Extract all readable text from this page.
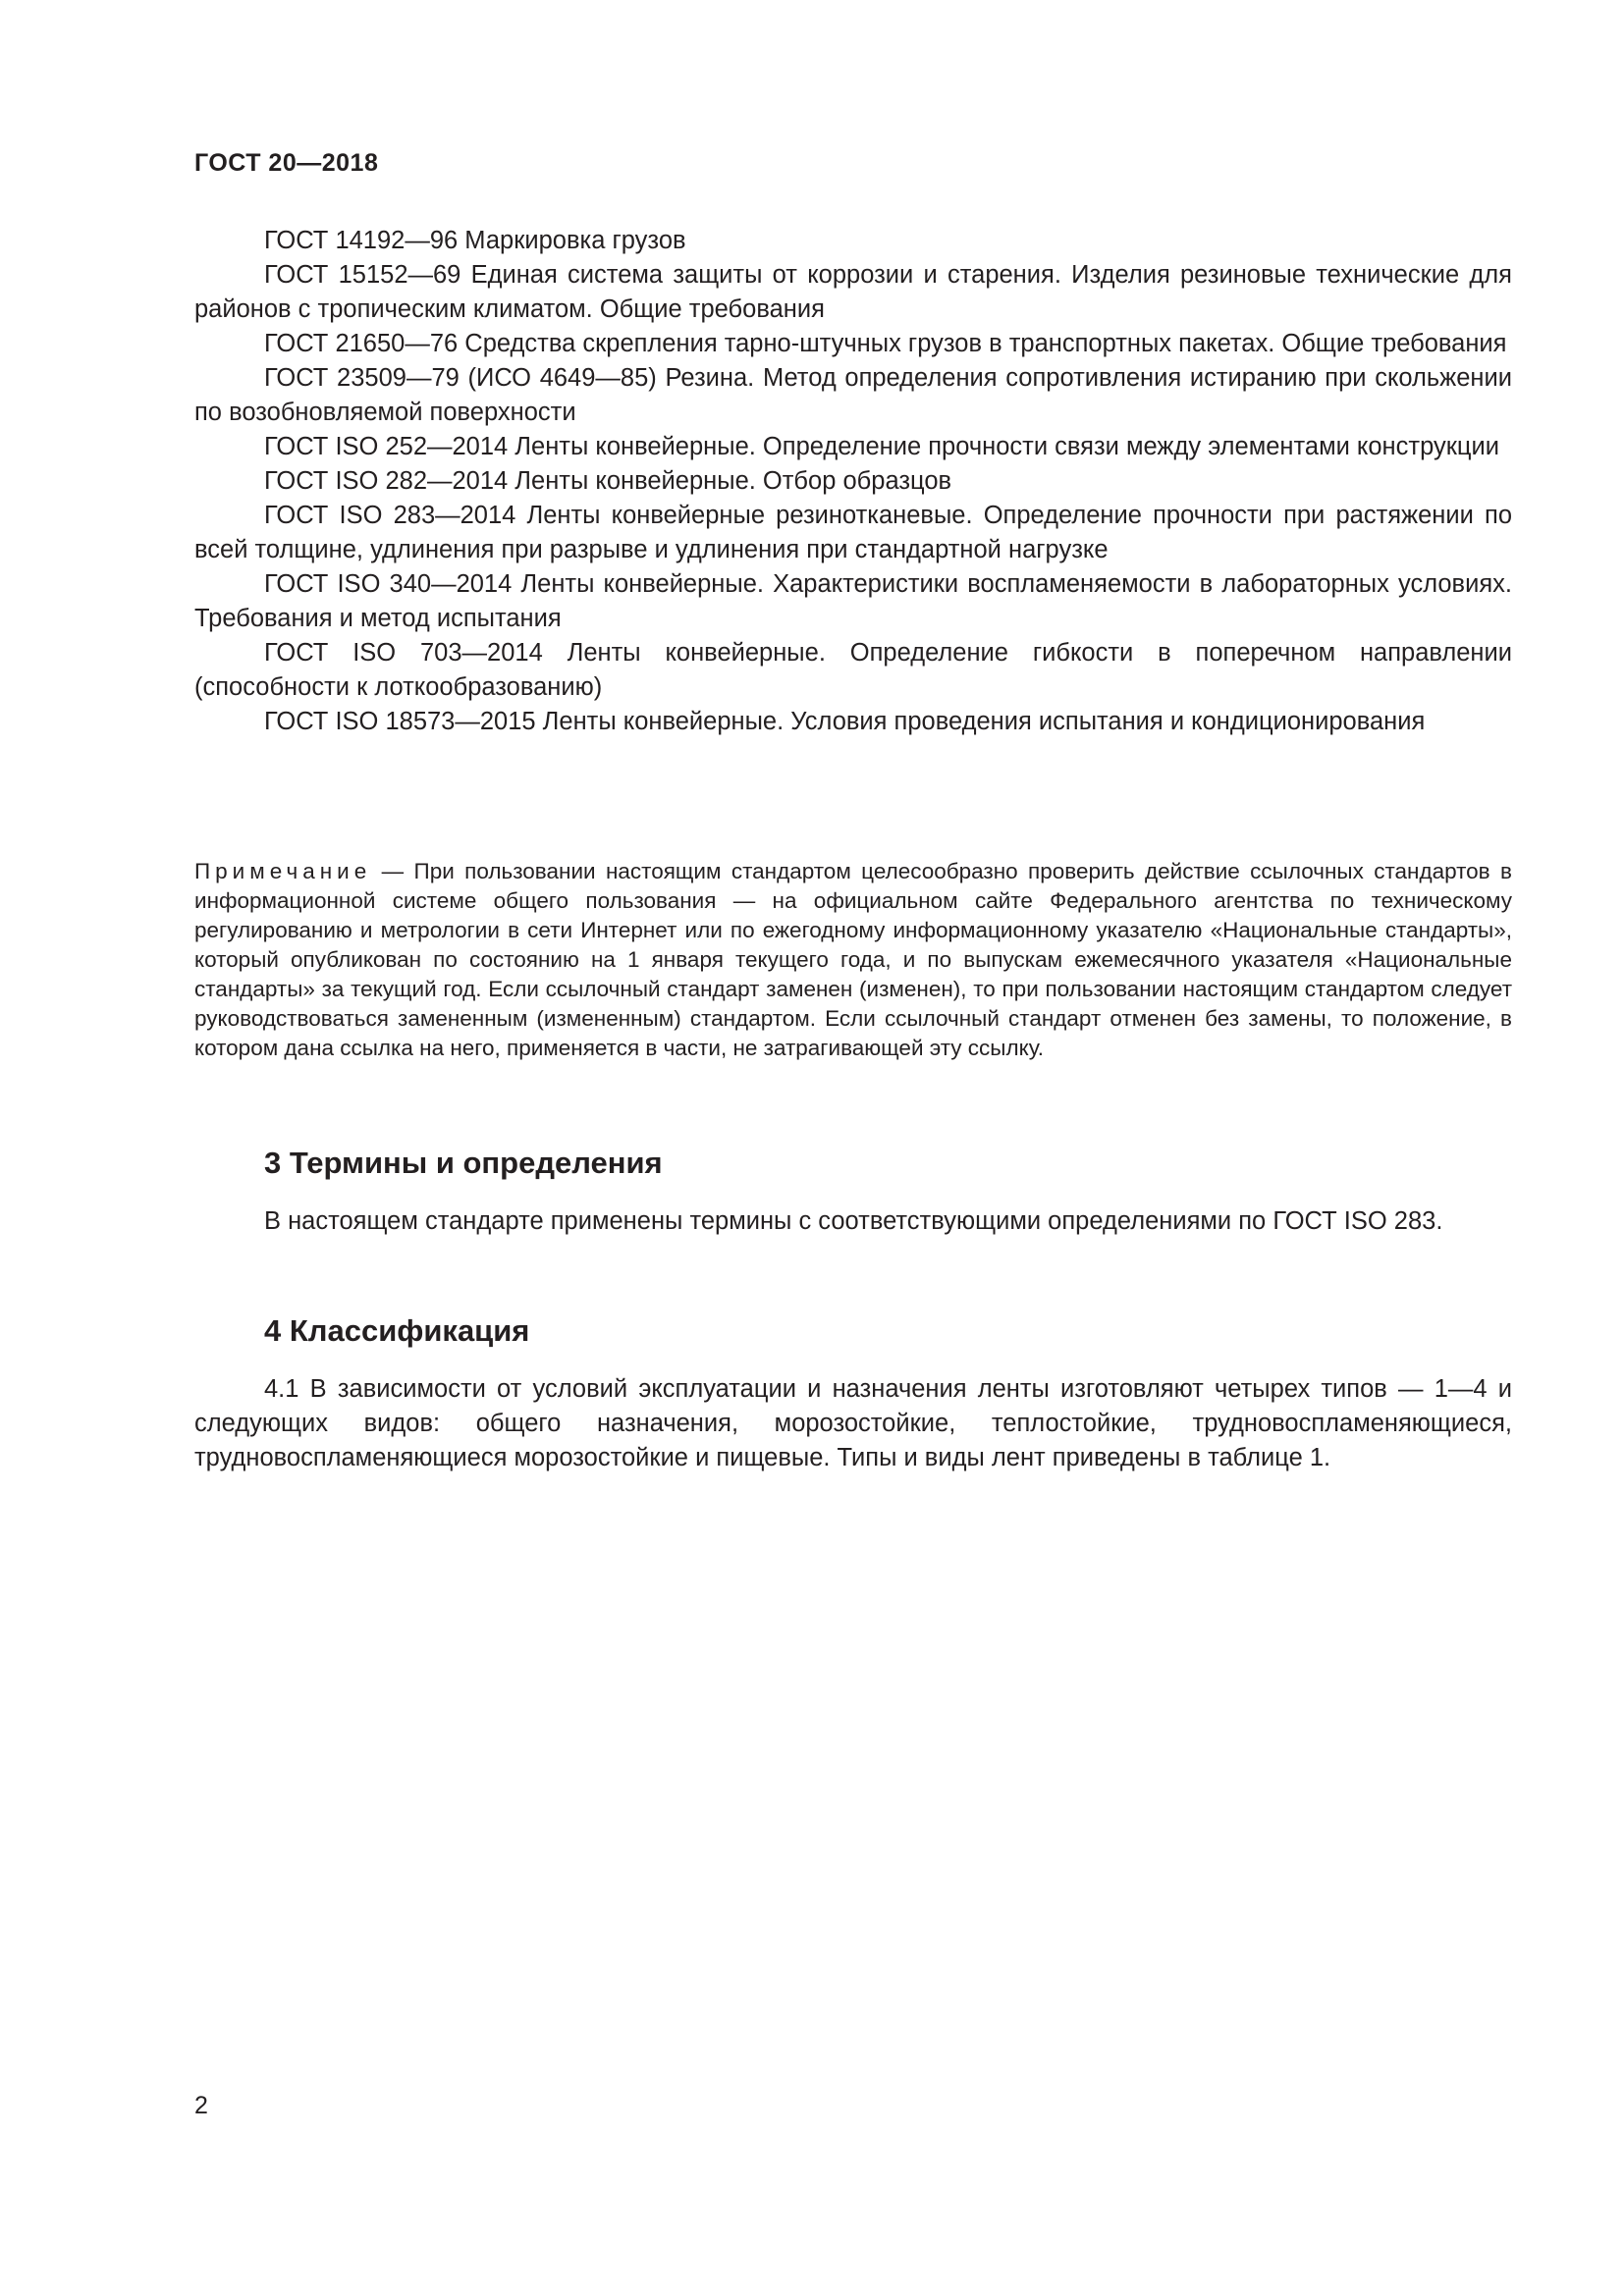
ГОСТ 20—2018

ГОСТ 14192—96 Маркировка грузов

ГОСТ 15152—69 Единая система защиты от коррозии и старения. Изделия резиновые технические для районов с тропическим климатом. Общие требования

ГОСТ 21650—76 Средства скрепления тарно-штучных грузов в транспортных пакетах. Общие требования

ГОСТ 23509—79 (ИСО 4649—85) Резина. Метод определения сопротивления истиранию при скольжении по возобновляемой поверхности

ГОСТ ISO 252—2014 Ленты конвейерные. Определение прочности связи между элементами конструкции

ГОСТ ISO 282—2014 Ленты конвейерные. Отбор образцов

ГОСТ ISO 283—2014 Ленты конвейерные резинотканевые. Определение прочности при растяжении по всей толщине, удлинения при разрыве и удлинения при стандартной нагрузке

ГОСТ ISO 340—2014 Ленты конвейерные. Характеристики воспламеняемости в лабораторных условиях. Требования и метод испытания

ГОСТ ISO 703—2014 Ленты конвейерные. Определение гибкости в поперечном направлении (способности к лоткообразованию)

ГОСТ ISO 18573—2015 Ленты конвейерные. Условия проведения испытания и кондиционирования

Примечание — При пользовании настоящим стандартом целесообразно проверить действие ссылочных стандартов в информационной системе общего пользования — на официальном сайте Федерального агентства по техническому регулированию и метрологии в сети Интернет или по ежегодному информационному указателю «Национальные стандарты», который опубликован по состоянию на 1 января текущего года, и по выпускам ежемесячного указателя «Национальные стандарты» за текущий год. Если ссылочный стандарт заменен (изменен), то при пользовании настоящим стандартом следует руководствоваться замененным (измененным) стандартом. Если ссылочный стандарт отменен без замены, то положение, в котором дана ссылка на него, применяется в части, не затрагивающей эту ссылку.
3 Термины и определения

В настоящем стандарте применены термины с соответствующими определениями по ГОСТ ISO 283.

4 Классификация

4.1 В зависимости от условий эксплуатации и назначения ленты изготовляют четырех типов — 1—4 и следующих видов: общего назначения, морозостойкие, теплостойкие, трудновоспламеняющиеся, трудновоспламеняющиеся морозостойкие и пищевые. Типы и виды лент приведены в таблице 1.

2
